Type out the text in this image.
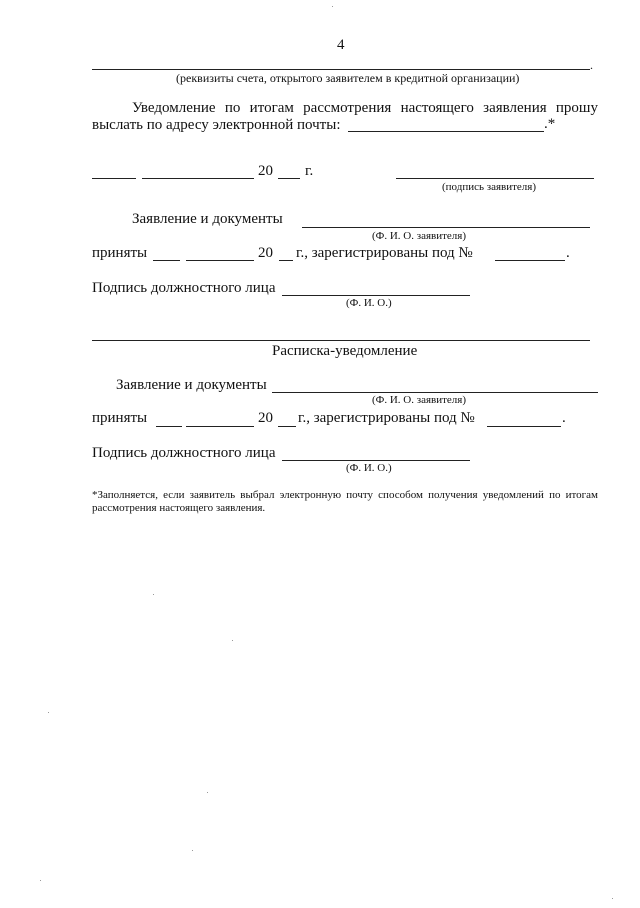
4
.
(реквизиты счета, открытого заявителем в кредитной организации)
Уведомление по итогам рассмотрения настоящего заявления прошу
выслать по адресу электронной почты:	.*
20 г.
(подпись заявителя)
Заявление и документы
(Ф. И. О. заявителя)
приняты	20 г., зарегистрированы под №	.
Подпись должностного лица
(Ф. И. О.)
Расписка-уведомление
Заявление и документы
(Ф. И. О. заявителя)
приняты	20 г., зарегистрированы под №	.
Подпись должностного лица
(Ф. И. О.)
*Заполняется, если заявитель выбрал электронную почту способом получения уведомлений по итогам рассмотрения настоящего заявления.
